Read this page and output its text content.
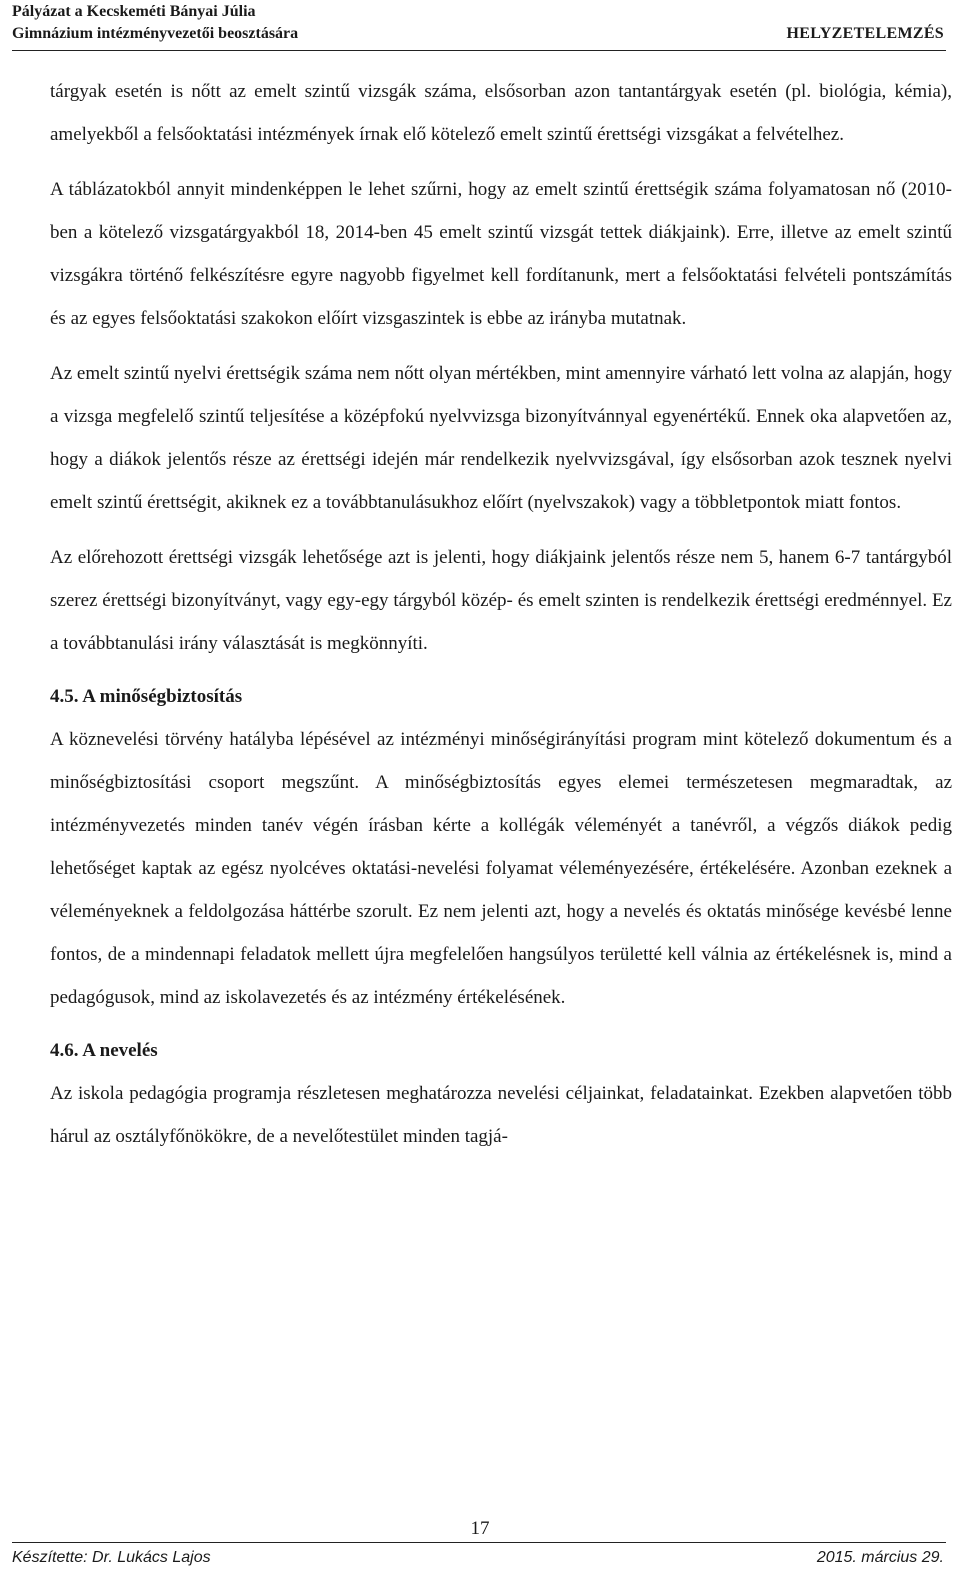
Pályázat a Kecskeméti Bányai Júlia
Gimnázium intézményvezetői beosztására	HELYZETELEMZÉS

tárgyak esetén is nőtt az emelt szintű vizsgák száma, elsősorban azon tantantárgyak esetén (pl. biológia, kémia), amelyekből a felsőoktatási intézmények írnak elő kötelező emelt szintű érettségi vizsgákat a felvételhez.

A táblázatokból annyit mindenképpen le lehet szűrni, hogy az emelt szintű érettségik száma folyamatosan nő (2010-ben a kötelező vizsgatárgyakból 18, 2014-ben 45 emelt szintű vizsgát tettek diákjaink). Erre, illetve az emelt szintű vizsgákra történő felkészítésre egyre nagyobb figyelmet kell fordítanunk, mert a felsőoktatási felvételi pontszámítás és az egyes felsőoktatási szakokon előírt vizsgaszintek is ebbe az irányba mutatnak.

Az emelt szintű nyelvi érettségik száma nem nőtt olyan mértékben, mint amennyire várható lett volna az alapján, hogy a vizsga megfelelő szintű teljesítése a középfokú nyelvvizsga bizonyítvánnyal egyenértékű. Ennek oka alapvetően az, hogy a diákok jelentős része az érettségi idején már rendelkezik nyelvvizsgával, így elsősorban azok tesznek nyelvi emelt szintű érettségit, akiknek ez a továbbtanulásukhoz előírt (nyelvszakok) vagy a többletpontok miatt fontos.

Az előrehozott érettségi vizsgák lehetősége azt is jelenti, hogy diákjaink jelentős része nem 5, hanem 6-7 tantárgyból szerez érettségi bizonyítványt, vagy egy-egy tárgyból közép- és emelt szinten is rendelkezik érettségi eredménnyel. Ez a továbbtanulási irány választását is megkönnyíti.

4.5. A minőségbiztosítás

A köznevelési törvény hatályba lépésével az intézményi minőségirányítási program mint kötelező dokumentum és a minőségbiztosítási csoport megszűnt. A minőségbiztosítás egyes elemei természetesen megmaradtak, az intézményvezetés minden tanév végén írásban kérte a kollégák véleményét a tanévről, a végzős diákok pedig lehetőséget kaptak az egész nyolcéves oktatási-nevelési folyamat véleményezésére, értékelésére. Azonban ezeknek a véleményeknek a feldolgozása háttérbe szorult. Ez nem jelenti azt, hogy a nevelés és oktatás minősége kevésbé lenne fontos, de a mindennapi feladatok mellett újra megfelelően hangsúlyos területté kell válnia az értékelésnek is, mind a pedagógusok, mind az iskolavezetés és az intézmény értékelésének.

4.6. A nevelés

Az iskola pedagógia programja részletesen meghatározza nevelési céljainkat, feladatainkat. Ezekben alapvetően több hárul az osztályfőnökökre, de a nevelőtestület minden tagjá-

17
Készítette: Dr. Lukács Lajos	2015. március 29.
